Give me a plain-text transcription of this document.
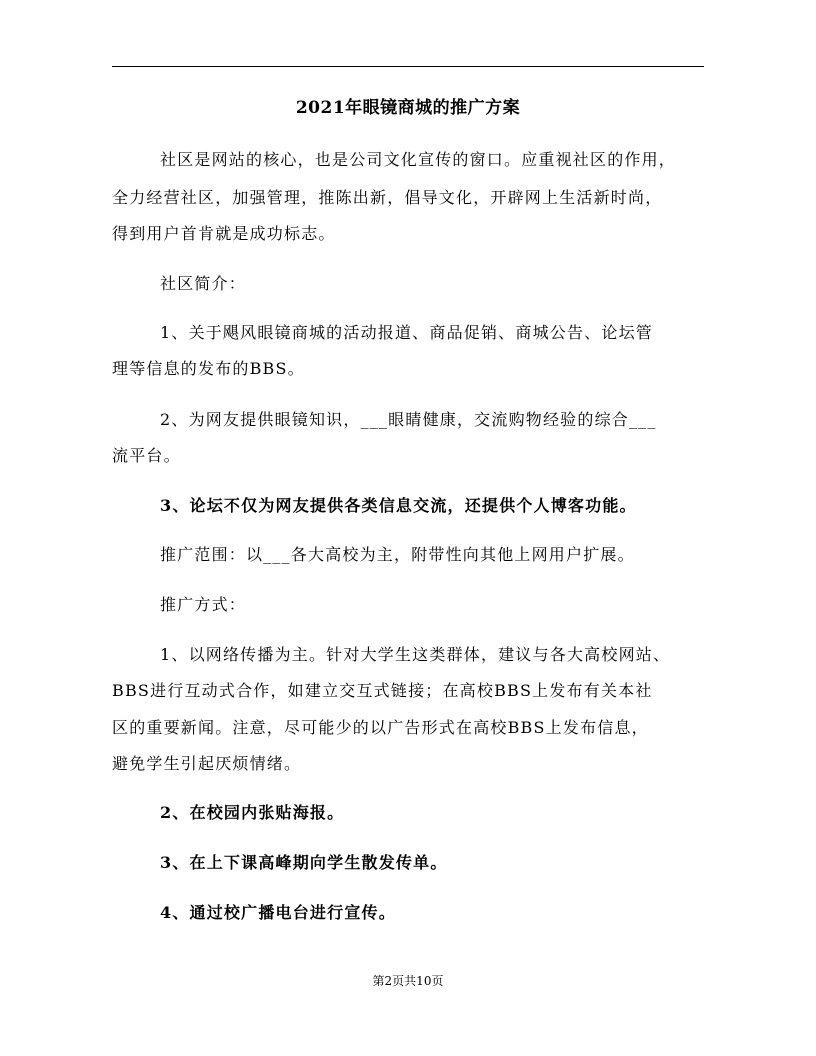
2021年眼镜商城的推广方案
社区是网站的核心，也是公司文化宣传的窗口。应重视社区的作用，
全力经营社区，加强管理，推陈出新，倡导文化，开辟网上生活新时尚，
得到用户首肯就是成功标志。
社区简介：
1、关于飓风眼镜商城的活动报道、商品促销、商城公告、论坛管
理等信息的发布的BBS。
2、为网友提供眼镜知识，___眼睛健康，交流购物经验的综合___
流平台。
3、论坛不仅为网友提供各类信息交流，还提供个人博客功能。
推广范围：以___各大高校为主，附带性向其他上网用户扩展。
推广方式：
1、以网络传播为主。针对大学生这类群体，建议与各大高校网站、
BBS进行互动式合作，如建立交互式链接；在高校BBS上发布有关本社
区的重要新闻。注意，尽可能少的以广告形式在高校BBS上发布信息，
避免学生引起厌烦情绪。
2、在校园内张贴海报。
3、在上下课高峰期向学生散发传单。
4、通过校广播电台进行宣传。
第2页共10页
